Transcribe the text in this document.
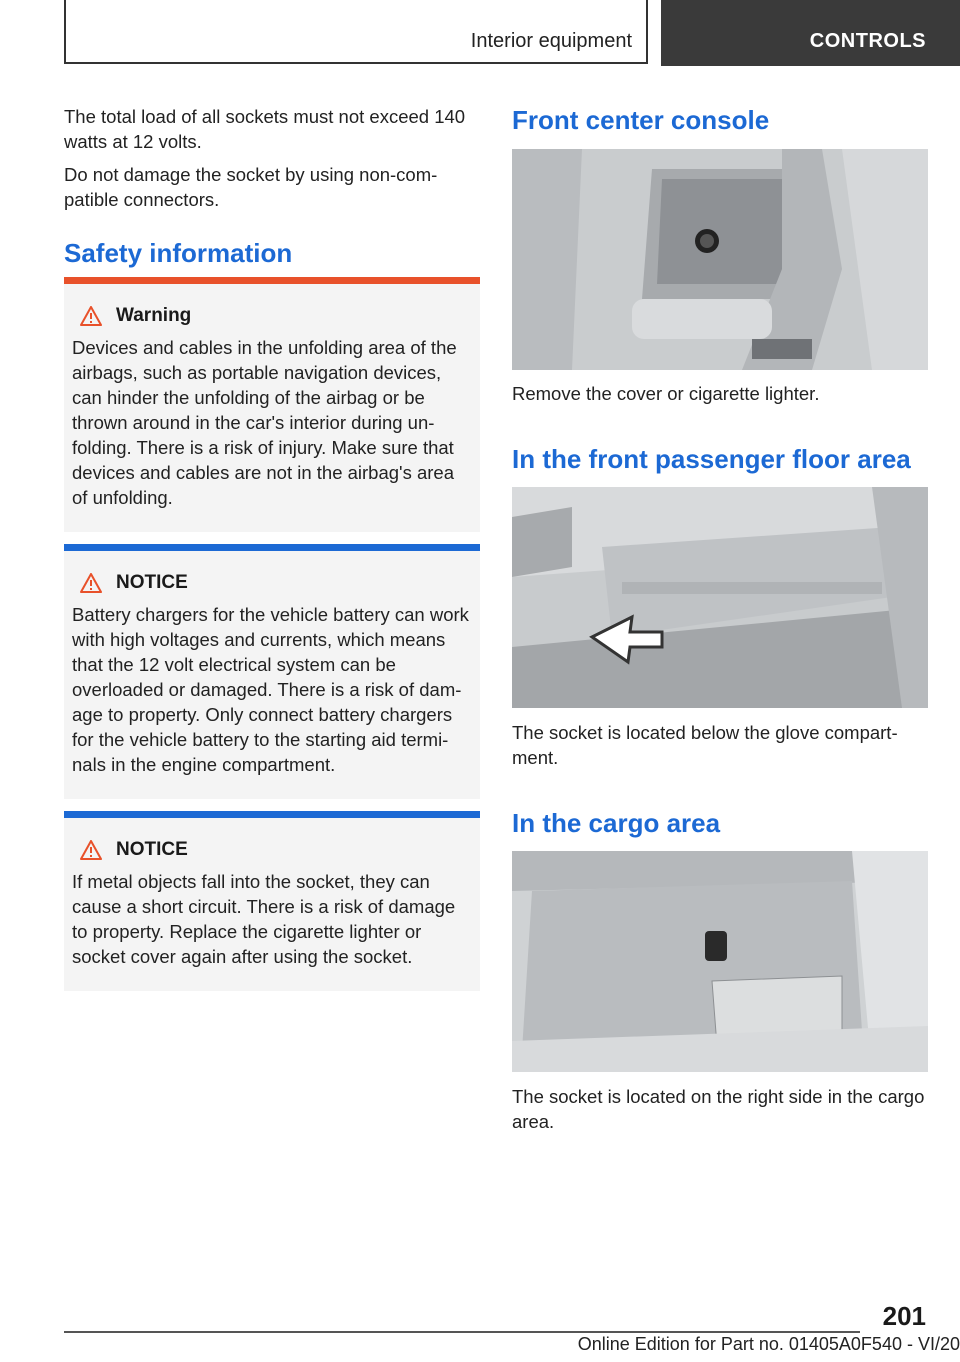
Interior equipment	CONTROLS

The total load of all sockets must not exceed 140 watts at 12 volts.

Do not damage the socket by using non-com- patible connectors.

Safety information
Warning

Devices and cables in the unfolding area of the airbags, such as portable navigation devices, can hinder the unfolding of the airbag or be thrown around in the car's interior during un- folding. There is a risk of injury. Make sure that devices and cables are not in the airbag's area of unfolding.

NOTICE

Battery chargers for the vehicle battery can work with high voltages and currents, which means that the 12 volt electrical system can be overloaded or damaged. There is a risk of dam- age to property. Only connect battery chargers for the vehicle battery to the starting aid termi- nals in the engine compartment.

NOTICE

If metal objects fall into the socket, they can cause a short circuit. There is a risk of damage to property. Replace the cigarette lighter or socket cover again after using the socket.

Front center console

Remove the cover or cigarette lighter.

In the front passenger floor area

The socket is located below the glove compart- ment.

In the cargo area

The socket is located on the right side in the cargo area.

201
Online Edition for Part no. 01405A0F540 - VI/20
